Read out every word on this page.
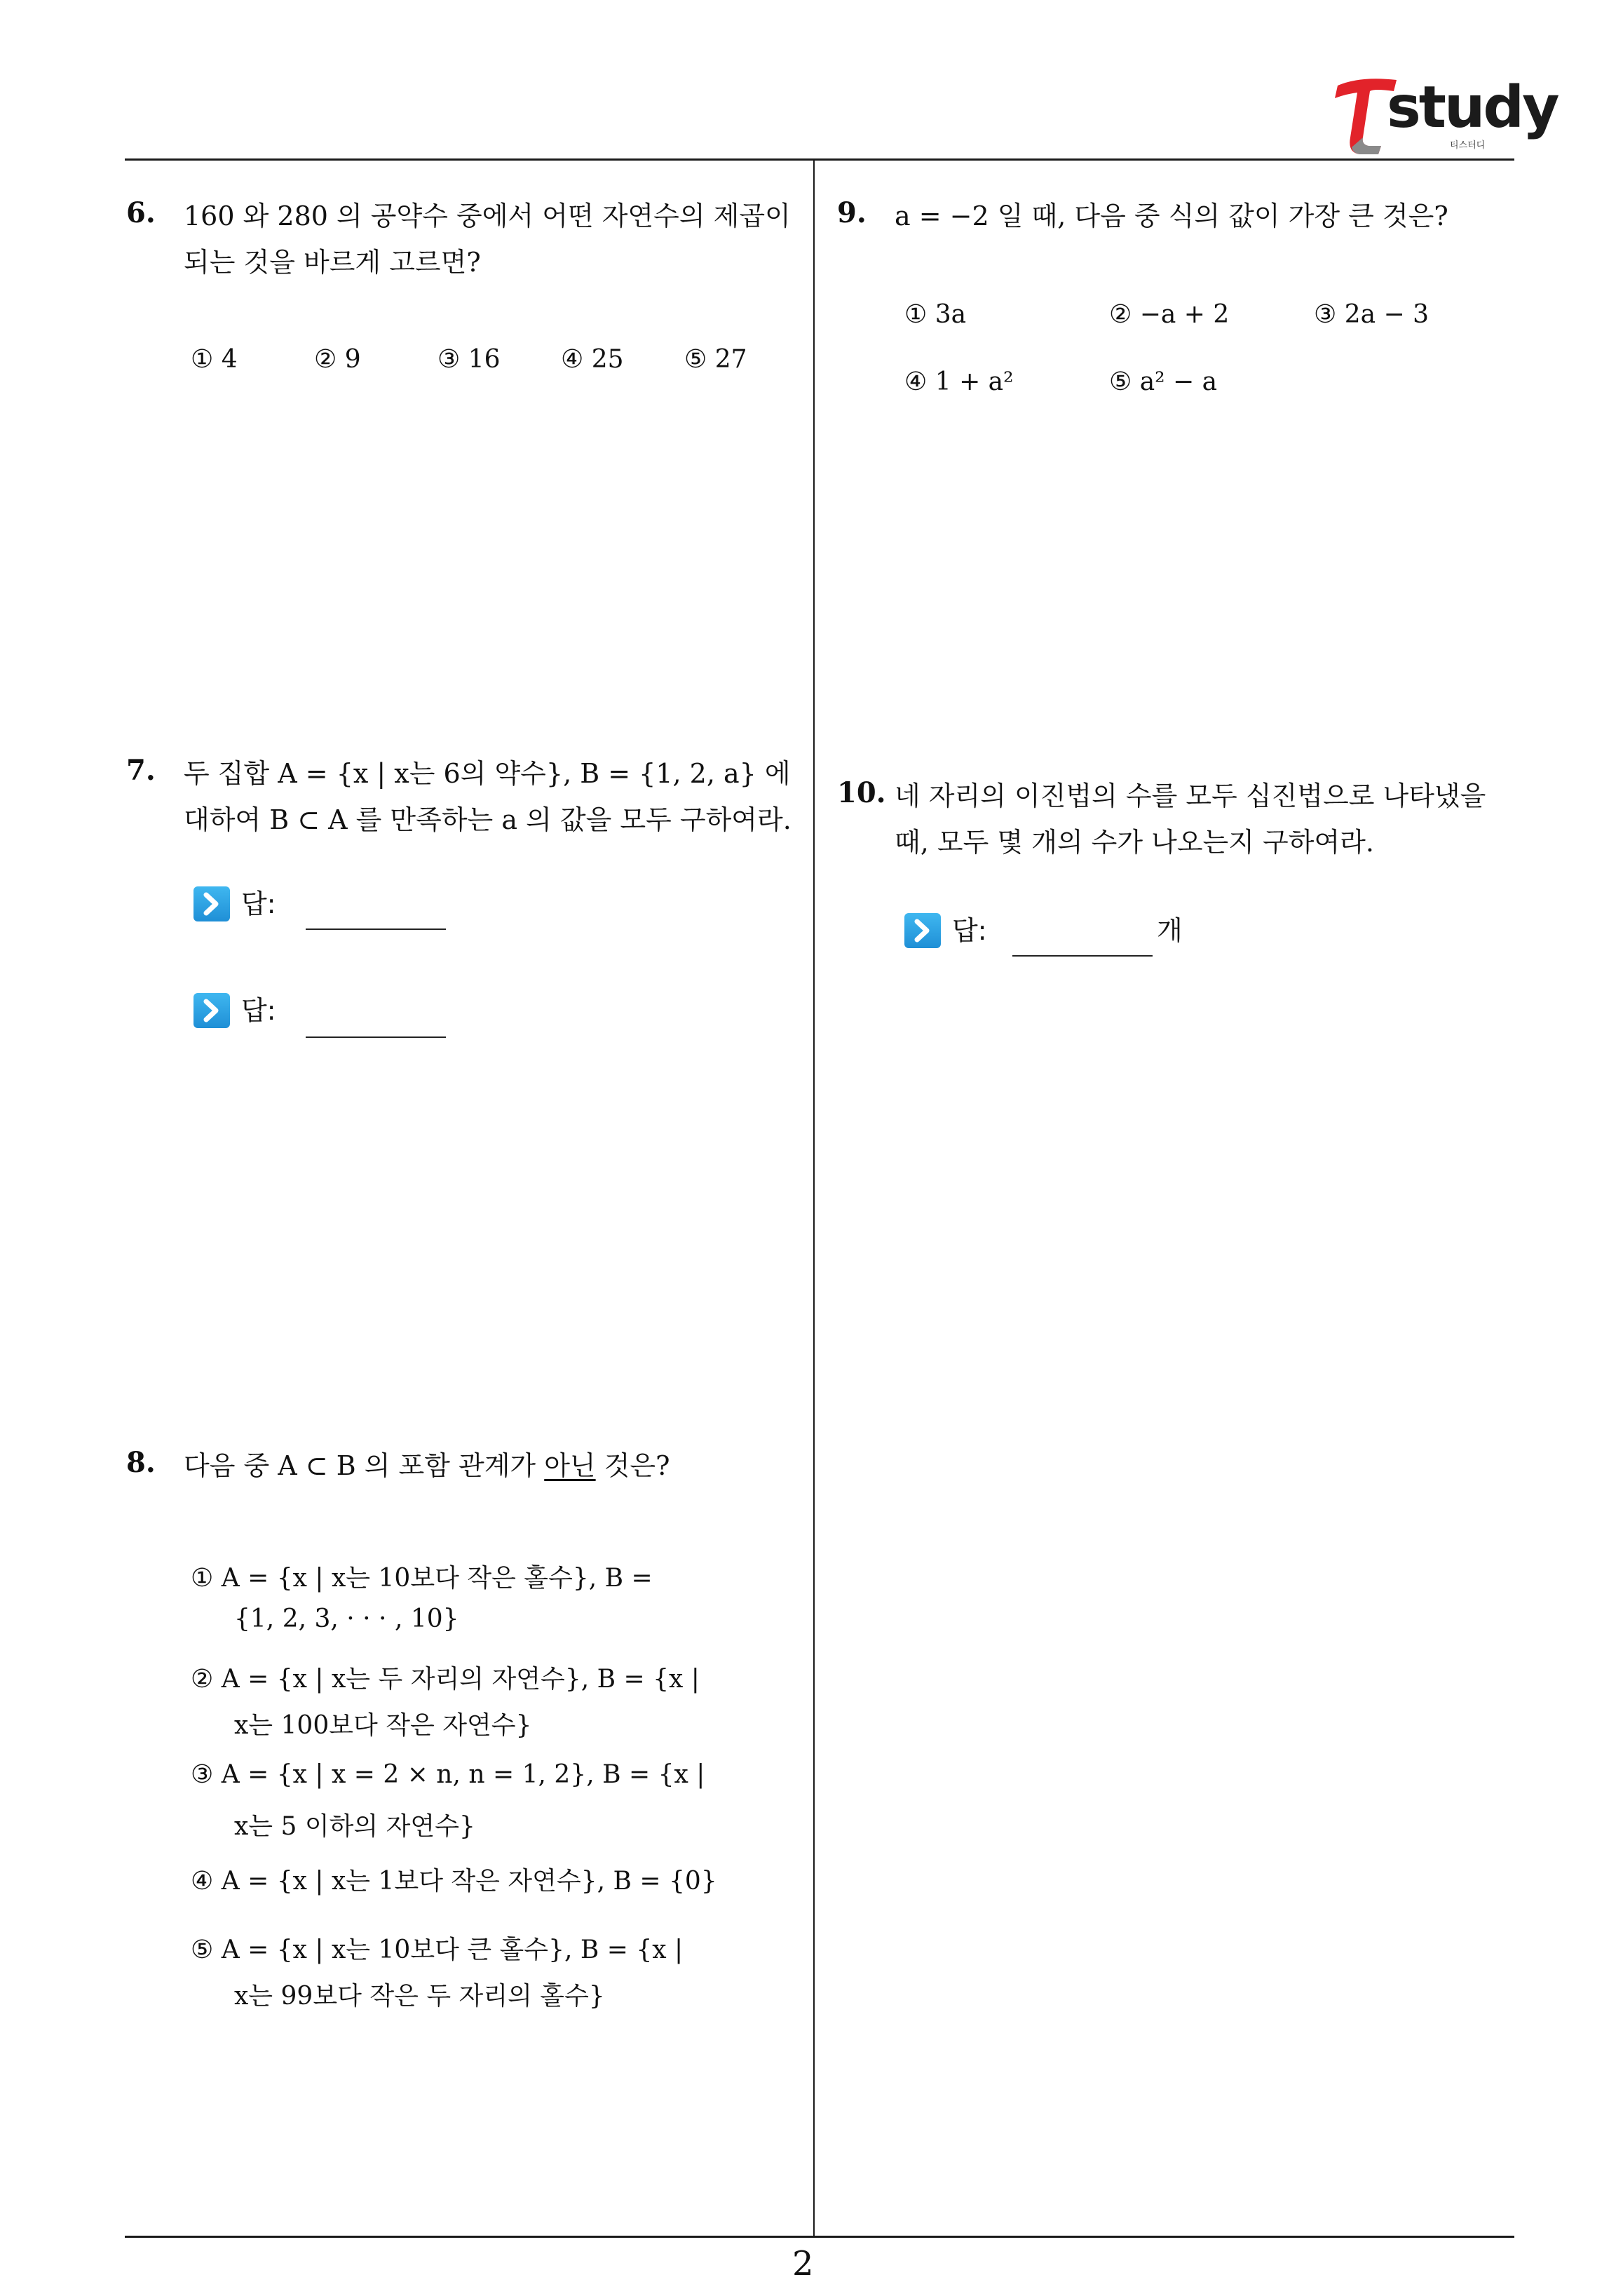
study
티스터디
6. 160 와 280 의 공약수 중에서 어떤 자연수의 제곱이
되는 것을 바르게 고르면?
① 4	② 9	③ 16 ④ 25 ⑤ 27
7. 두 집합 A = {x | x는 6의 약수}, B = {1, 2, a} 에
대하여 B ⊂ A 를 만족하는 a 의 값을 모두 구하여라.
답:
답:
8. 다음 중 A ⊂ B 의 포함 관계가 아닌 것은?
① A = {x | x는 10보다 작은 홀수}, B =
{1, 2, 3, · · · , 10}
② A = {x | x는 두 자리의 자연수}, B = {x |
x는 100보다 작은 자연수}
③ A = {x | x = 2 × n, n = 1, 2}, B = {x |
x는 5 이하의 자연수}
④ A = {x | x는 1보다 작은 자연수}, B = {0}
⑤ A = {x | x는 10보다 큰 홀수}, B = {x |
x는 99보다 작은 두 자리의 홀수}
9. a = −2 일 때, 다음 중 식의 값이 가장 큰 것은?
① 3a	② −a + 2	③ 2a − 3
④ 1 + a²	⑤ a² − a
10. 네 자리의 이진법의 수를 모두 십진법으로 나타냈을
때, 모두 몇 개의 수가 나오는지 구하여라.
답:	개
2
